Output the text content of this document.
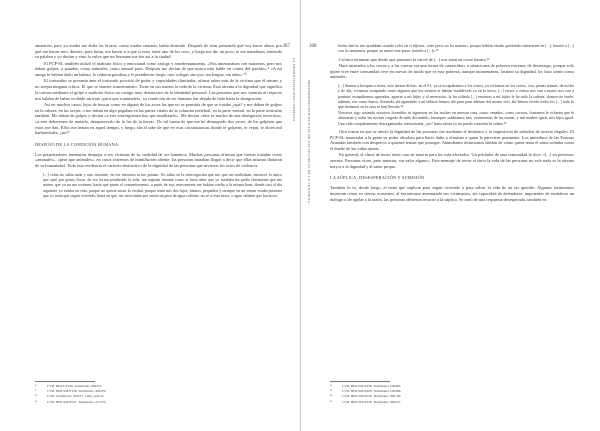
367
LA DESMOVILIZACIÓN COMPLETA

amanecer, pero yo estaba me dolía los brazos, como estaba cansado, había dormido. Después de estar pensando qué voy hacer ahora, por qué me hacen esto, dientes, pues hasta, me hacen ir a que si eran, tenía uno de los coco, y luego me dio un poco, te me mandaron, teniendo su palabra y yo decían y vino la vulva que mi hermano me fue así a la ciudad.

El PCP-SL también utilizó el maltrato físico y emocional como castigo y amedrentamiento. «Nos amenazaban con matarnos, pero nos daban golpes, a patadas, como animales, como animal pues. Después me decían de que nunca más hable en contra del partido».⁶ «A mi amigo le habían dado un balazo, le rodaron gasolina y le prendieron fuego, otro colegas sin ojos, sin lengua, sin uñas».¹⁰

El torturador se presenta ante el torturado provisto de poder y capacidades ilimitadas, afirma saber más de la víctima que él mismo y no acepta ninguna crítica. El que se somete sometimiento. Tiene en sus manos la vida de la víctima. Esta afrenta a la dignidad que significa la tortura mediante el golpe o maltrato físico un castigo muy destructivo de la identidad personal. Las personas que nos cuentan al respecto nos hablan de haber recibido un trato «peor que a animales», su condición de ser humano fue dejada de lado hasta la denigración.

Así en muchos casos, lejos de buscar como en alguno de los actos las que no se permitía de que se trataba ¿qué? y me daban de golpes en la cabeza, en las orejas, o me daban en algo pegaban en las partes vitales de la columna vertebral, en la parte ventral, en la parte testicular también. Me daban de golpes y decían «a este sinvergüenza hay que inutilizarlo». Me decían «éste es mucho de una denegación terrorista», «a este deberemos de matarlo, desaparecerlo de la faz de la tierra». De tal forma de que me he desmayado dos veces, de los golpizas que estos me dan. Ellos me tenían en aquel tiempo, y luego, sin al sabe de que en esas circunstancias donde te golpean, te vejan, te dicen mil barbaridades, ¿no?⁹

DESPOJO DE LA CONDICIÓN HUMANA

Los perpetradores intentaron despojar a sus víctimas de su cualidad de ser humanos. Muchas personas afirman que fueron tratadas como «animales», «peor que animales», en casos extremos de humillación aliente, las personas mataban llegan a decir que ellas mismas dudaron de su humanidad. Todo esto evidencia el carácter destructivo de la dignidad de las personas que tuvieron los actos de violencia.

[...] como no sabía nada y otro inocente, en ese entonces ni me ponían. No sabía en la interrogación que me, que me maltraban, entonces lo único que optó por gritar, llorar, de esa forma pendiendo la vida, me seguían durante como si fuera abrir que yo también les pedía claramente que me maten, que ya no me torturen, hasta qué punto el consentimiento, a partir de eso, nuevamente me habían vuelto a la misma base, donde casi al día siguiente yo estaba en vida, porque no quería morir la verdad, porque tenía mis dos hijos, fuimos, pequeños y siempre en mi mente estaba presente que yo tenía que seguir viviendo, hasta en que, me necesitaba que sentía un peso de agua caliente, no sé si esta tierra, o agua caliente que hacía mi.

⁸	CVR. BDI-I-P138. Testimonio 200475.
⁹	CVR. BDI-SM-P138. Testimonio 300470.
¹⁰	CVR. Testimonio 100477. Lima, policía.
¹¹	CVR. BDI-SM-P521. Testimonio 411276.
368
TRATAMIENTO PSICOSOCIAL DE LAS SECUELAS DE LA VIOLENCIA

hecho hervir, me ayudaban cuando volví en sí dijeron, «este perro no ha muerto», porque habían estado queriendo enterrarme en [...], botarlo a [...] con la camioneta, porque ya murió este perro, botarlo a [...]».¹²

Crónica terminan que desde que pasamos la cárcel de [...] nos trataron como basura.¹³

Hará asustados a los cerros y a las cuevas era una forma de «atraicidar» a situaciones de pobreza extrema, de desarraigo, porque solo quien vive entre comunidad vive en cuevas de modo que es esta pobreza, aunque momentánea, lastimó su dignidad, los hizo sentir como animales.

[...] íbamos a bosques a sitios, esto menos divino, en el 91, ya se escapábamos a los cerros, ya vivíamos en los cerros, con, pemas tramas, de noche y de día, vivíamos escapando como algunos que los sienten se habían establecido ya en la tierra, [...] cerros y estero nos van a matar, nos van a ponmar, escapábamos apurados, agarrar a mi hijito y al menorcito, la hu soltado [...] entonces a mi hijito le ha nido la cabeza, chamacito huele, además, eso como huevo, llorando, así agarrando a mi bebitos hemos ido pues para adentro del monte viví, ahí hemos vivido todos los [...] todo lo que teníamos en la casa se han llevado.¹⁴

Nosotros sigo acuando nosotros dormidos tú siguieron en las noches en nuestra casa, como venados, como corrsos, fornamos le echaran que le abracaran y todas las noches cargado de niño decanaldo; fornaquie saldríamos tres, vestimentas de los monte, y mil madres igual, mis hijos igual. Una vida completamente desorganizada, atemorizada, ¿no? hasta ahora yo no puedo controlar la calma.¹⁵

Otra forma en que se afectó la dignidad de las personas fue mediante el deshonor y la imposición de métodos de arresto ilegales. El PCP-SL anunciaba a la gente su poder absoluto para hacer daño o eliminar a quien le pareciese pertinente. Los miembros de las Fuerzas Armadas también con desprecio a quienes tenían que proteger. Abundantes testimonios hablan de cómo quien tenía el arma actuaba como el dueño de las vidas ajenas.

En general, el clima de terror tenía cara de muerte para los más afectados. Un poblador de una comunidad lo dice: «[...] en pretextos eternos. Personas vivas, pero muertas, sin valor alguno». Este mensaje de terror el decir la vida de las personas no vale nada es la afrenta mayor a la dignidad y al amor propio.

LA SÚPLICA: DESESPERACIÓN Y SUMISIÓN

También lo es, desde luego, el tener que suplicar para seguir viviendo o para salvar la vida de un ser querido. Algunos testimonios muestran cómo en ciertas ocasiones, al encontrarse amenazado sus víctimarios, sin capacidad de defenderse, impotentes de establecer un diálogo o de apelar a la razón, las personas debieron recurrir a la súplica. Se trató de una respuesta desesperada, también en

¹²	CVR. BDI-SM-P438. Testimonio 100962.
¹³	CVR. BDI-SM-P428. Testimonio 100486.
¹⁴	CVR. BDI-SM-P528. Testimonio 300166.
¹⁵	CVR. BDI-SM-P328. Testimonio 300227.
